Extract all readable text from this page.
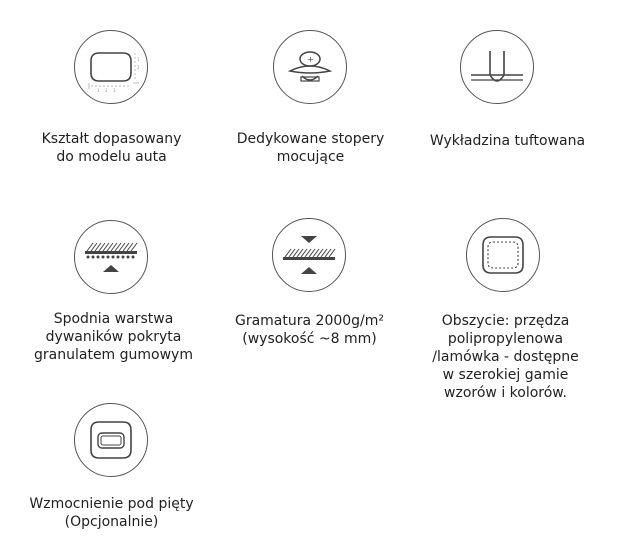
1 2 3
1
2
Kształt dopasowany
do modelu auta
+
Dedykowane stopery
mocujące
Wykładzina tuftowana
Spodnia warstwa
dywaników pokryta
granulatem gumowym
Gramatura 2000g/m²
(wysokość ~8 mm)
Obszycie: przędza
polipropylenowa
/lamówka - dostępne
w szerokiej gamie
wzorów i kolorów.
Wzmocnienie pod pięty
(Opcjonalnie)
